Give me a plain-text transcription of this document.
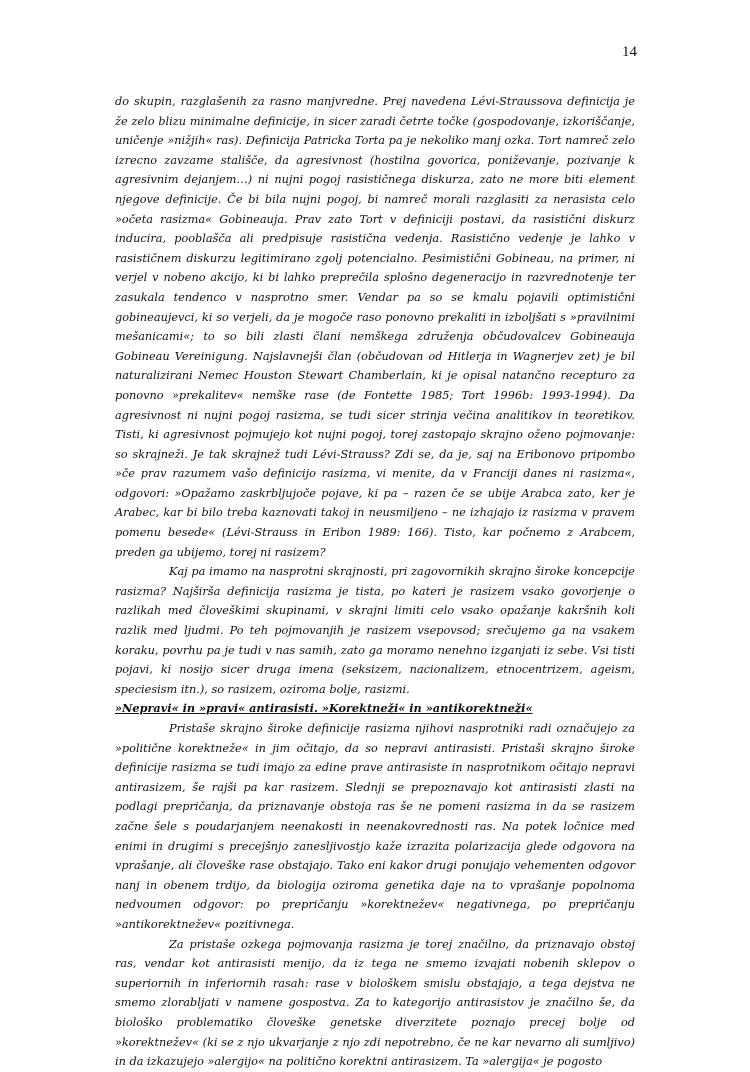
14

do skupin, razglašenih za rasno manjvredne. Prej navedena Lévi-Straussova definicija je že zelo blizu minimalne definicije, in sicer zaradi četrte točke (gospodovanje, izkoriščanje, uničenje »nižjih« ras). Definicija Patricka Torta pa je nekoliko manj ozka. Tort namreč zelo izrecno zavzame stališče, da agresivnost (hostilna govorica, poniževanje, pozivanje k agresivnim dejanjem…) ni nujni pogoj rasističnega diskurza, zato ne more biti element njegove definicije. Če bi bila nujni pogoj, bi namreč morali razglasiti za nerasista celo »očeta rasizma« Gobineauja. Prav zato Tort v definiciji postavi, da rasistični diskurz inducira, pooblašča ali predpisuje rasistična vedenja. Rasistično vedenje je lahko v rasističnem diskurzu legitimirano zgolj potencialno. Pesimistični Gobineau, na primer, ni verjel v nobeno akcijo, ki bi lahko preprečila splošno degeneracijo in razvrednotenje ter zasukala tendenco v nasprotno smer. Vendar pa so se kmalu pojavili optimistični gobineaujevci, ki so verjeli, da je mogoče raso ponovno prekaliti in izboljšati s »pravilnimi mešanicami«; to so bili zlasti člani nemškega združenja občudovalcev Gobineauja Gobineau Vereinigung. Najslavnejši član (občudovan od Hitlerja in Wagnerjev zet) je bil naturalizirani Nemec Houston Stewart Chamberlain, ki je opisal natančno recepturo za ponovno »prekalitev« nemške rase (de Fontette 1985; Tort 1996b: 1993-1994). Da agresivnost ni nujni pogoj rasizma, se tudi sicer strinja večina analitikov in teoretikov. Tisti, ki agresivnost pojmujejo kot nujni pogoj, torej zastopajo skrajno oženo pojmovanje: so skrajneži. Je tak skrajnež tudi Lévi-Strauss? Zdi se, da je, saj na Eribonovo pripombo »če prav razumem vašo definicijo rasizma, vi menite, da v Franciji danes ni rasizma«, odgovori: »Opažamo zaskrbljujoče pojave, ki pa – razen če se ubije Arabca zato, ker je Arabec, kar bi bilo treba kaznovati takoj in neusmiljeno – ne izhajajo iz rasizma v pravem pomenu besede« (Lévi-Strauss in Eribon 1989: 166). Tisto, kar počnemo z Arabcem, preden ga ubijemo, torej ni rasizem?

Kaj pa imamo na nasprotni skrajnosti, pri zagovornikih skrajno široke koncepcije rasizma? Najširša definicija rasizma je tista, po kateri je rasizem vsako govorjenje o razlikah med človeškimi skupinami, v skrajni limiti celo vsako opažanje kakršnih koli razlik med ljudmi. Po teh pojmovanjih je rasizem vsepovsod; srečujemo ga na vsakem koraku, povrhu pa je tudi v nas samih, zato ga moramo nenehno izganjati iz sebe. Vsi tisti pojavi, ki nosijo sicer druga imena (seksizem, nacionalizem, etnocentrizem, ageism, speciesism itn.), so rasizem, oziroma bolje, rasizmi.

»Nepravi« in »pravi« antirasisti. »Korektneži« in »antikorektneži«

Pristaše skrajno široke definicije rasizma njihovi nasprotniki radi označujejo za »politične korektneže« in jim očitajo, da so nepravi antirasisti. Pristaši skrajno široke definicije rasizma se tudi imajo za edine prave antirasiste in nasprotnikom očitajo nepravi antirasizem, še rajši pa kar rasizem. Slednji se prepoznavajo kot antirasisti zlasti na podlagi prepričanja, da priznavanje obstoja ras še ne pomeni rasizma in da se rasizem začne šele s poudarjanjem neenakosti in neenakovrednosti ras. Na potek ločnice med enimi in drugimi s precejšnjo zanesljivostjo kaže izrazita polarizacija glede odgovora na vprašanje, ali človeške rase obstajajo. Tako eni kakor drugi ponujajo vehementen odgovor nanj in obenem trdijo, da biologija oziroma genetika daje na to vprašanje popolnoma nedvoumen odgovor: po prepričanju »korektnežev« negativnega, po prepričanju »antikorektnežev« pozitivnega.

Za pristaše ozkega pojmovanja rasizma je torej značilno, da priznavajo obstoj ras, vendar kot antirasisti menijo, da iz tega ne smemo izvajati nobenih sklepov o superiornih in inferiornih rasah: rase v biološkem smislu obstajajo, a tega dejstva ne smemo zlorabljati v namene gospostva. Za to kategorijo antirasistov je značilno še, da biološko problematiko človeške genetske diverzitete poznajo precej bolje od »korektnežev« (ki se z njo ukvarjanje z njo zdi nepotrebno, če ne kar nevarno ali sumljivo) in da izkazujejo »alergijo« na politično korektni antirasizem. Ta »alergija« je pogosto
